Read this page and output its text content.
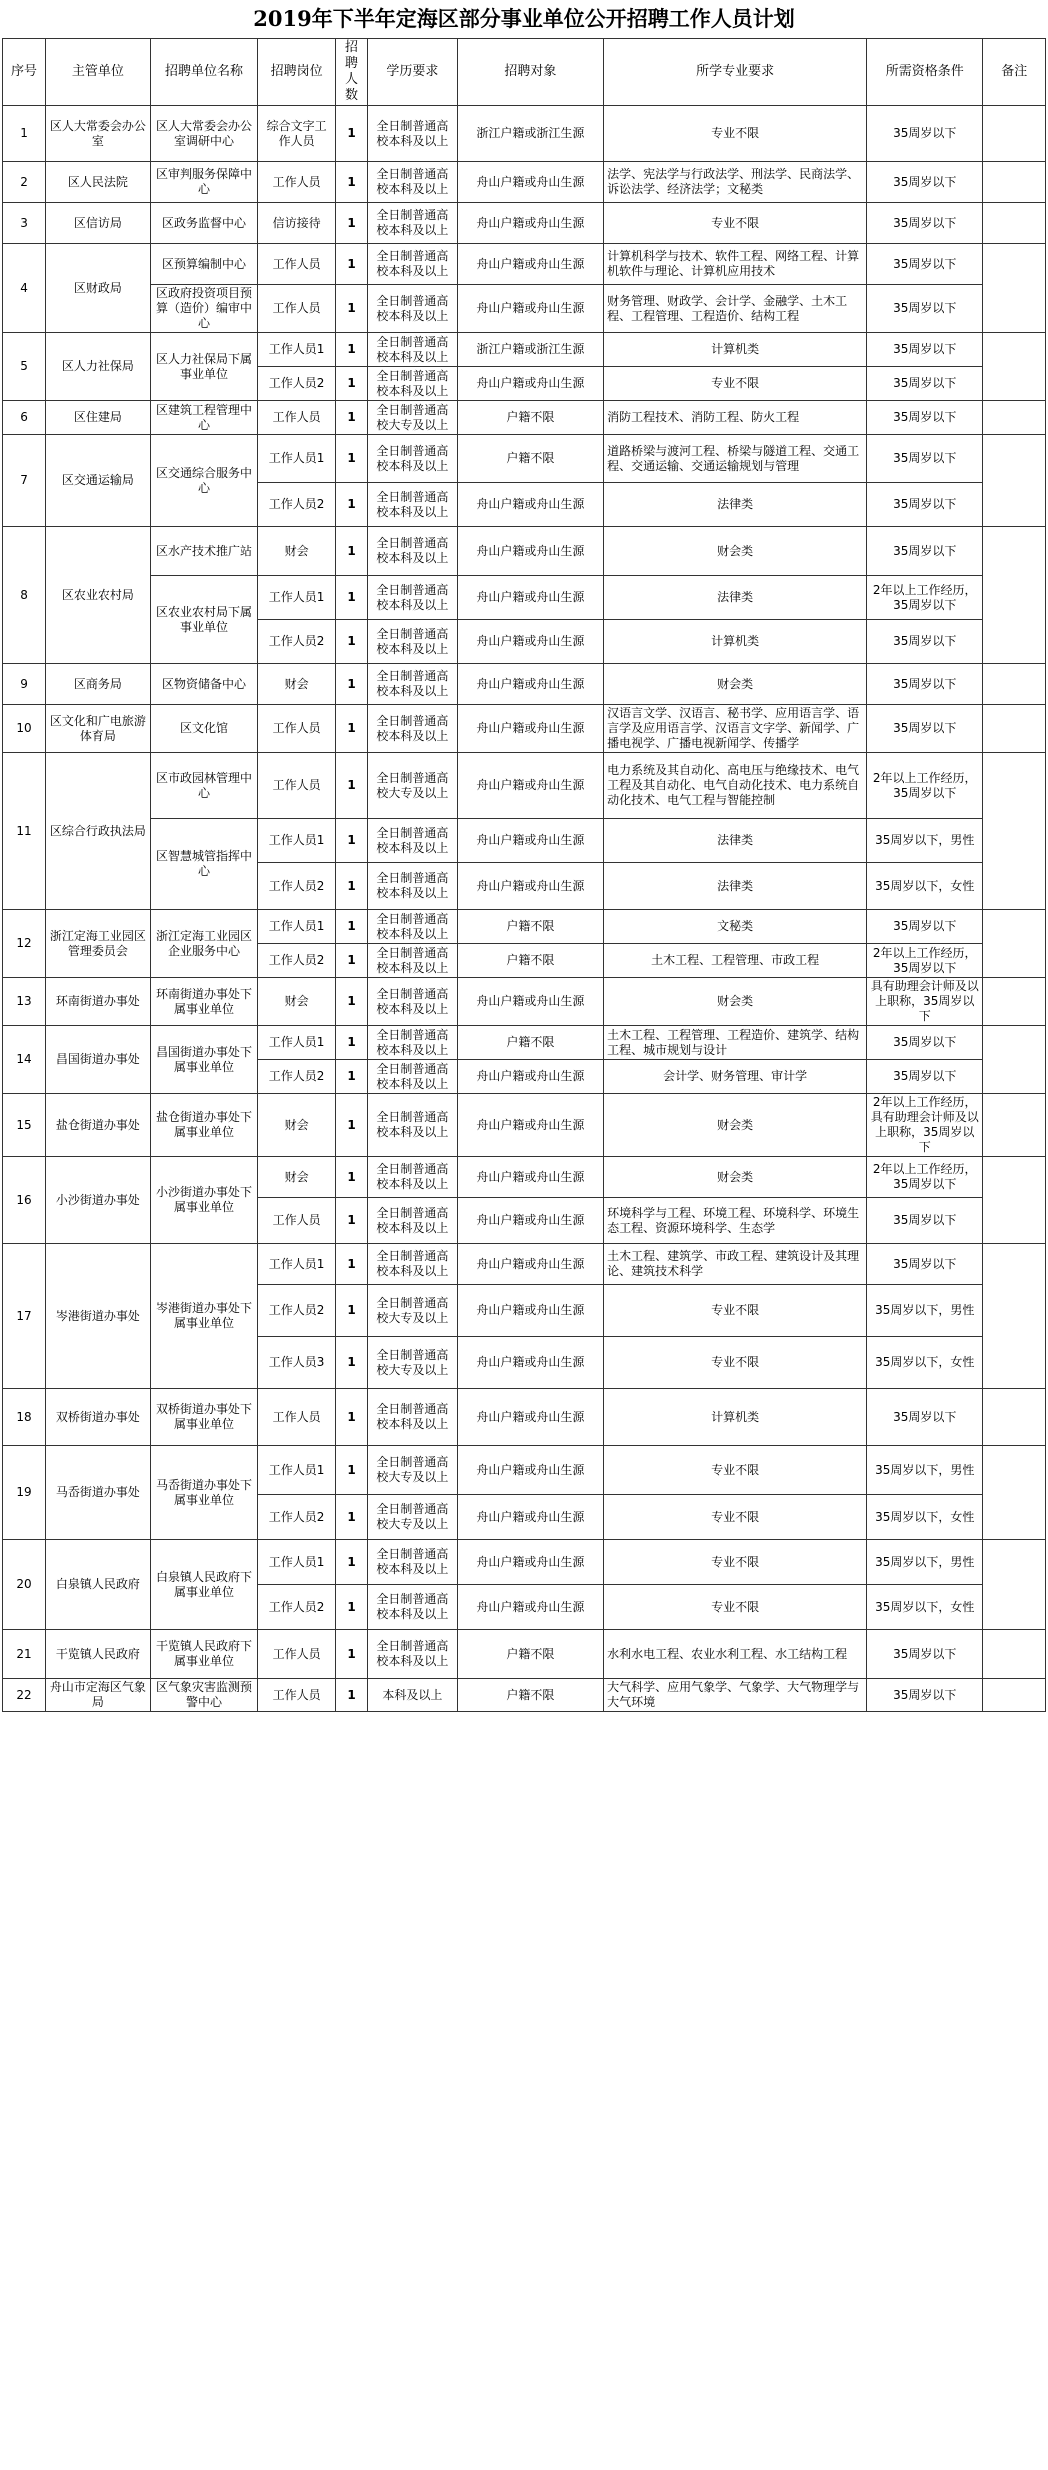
2019年下半年定海区部分事业单位公开招聘工作人员计划
序号	主管单位	招聘单位名称	招聘岗位	招聘人数	学历要求	招聘对象	所学专业要求	所需资格条件	备注
1	区人大常委会办公室	区人大常委会办公室调研中心	综合文字工作人员	1	全日制普通高校本科及以上	浙江户籍或浙江生源	专业不限	35周岁以下	
2	区人民法院	区审判服务保障中心	工作人员	1	全日制普通高校本科及以上	舟山户籍或舟山生源	法学、宪法学与行政法学、刑法学、民商法学、诉讼法学、经济法学；文秘类	35周岁以下	
3	区信访局	区政务监督中心	信访接待	1	全日制普通高校本科及以上	舟山户籍或舟山生源	专业不限	35周岁以下	
4	区财政局	区预算编制中心	工作人员	1	全日制普通高校本科及以上	舟山户籍或舟山生源	计算机科学与技术、软件工程、网络工程、计算机软件与理论、计算机应用技术	35周岁以下	
		区政府投资项目预算（造价）编审中心	工作人员	1	全日制普通高校本科及以上	舟山户籍或舟山生源	财务管理、财政学、会计学、金融学、土木工程、工程管理、工程造价、结构工程	35周岁以下	
5	区人力社保局	区人力社保局下属事业单位	工作人员1	1	全日制普通高校本科及以上	浙江户籍或浙江生源	计算机类	35周岁以下	
			工作人员2	1	全日制普通高校本科及以上	舟山户籍或舟山生源	专业不限	35周岁以下	
6	区住建局	区建筑工程管理中心	工作人员	1	全日制普通高校大专及以上	户籍不限	消防工程技术、消防工程、防火工程	35周岁以下	
7	区交通运输局	区交通综合服务中心	工作人员1	1	全日制普通高校本科及以上	户籍不限	道路桥梁与渡河工程、桥梁与隧道工程、交通工程、交通运输、交通运输规划与管理	35周岁以下	
			工作人员2	1	全日制普通高校本科及以上	舟山户籍或舟山生源	法律类	35周岁以下	
8	区农业农村局	区水产技术推广站	财会	1	全日制普通高校本科及以上	舟山户籍或舟山生源	财会类	35周岁以下	
		区农业农村局下属事业单位	工作人员1	1	全日制普通高校本科及以上	舟山户籍或舟山生源	法律类	2年以上工作经历，35周岁以下	
			工作人员2	1	全日制普通高校本科及以上	舟山户籍或舟山生源	计算机类	35周岁以下	
9	区商务局	区物资储备中心	财会	1	全日制普通高校本科及以上	舟山户籍或舟山生源	财会类	35周岁以下	
10	区文化和广电旅游体育局	区文化馆	工作人员	1	全日制普通高校本科及以上	舟山户籍或舟山生源	汉语言文学、汉语言、秘书学、应用语言学、语言学及应用语言学、汉语言文字学、新闻学、广播电视学、广播电视新闻学、传播学	35周岁以下	
11	区综合行政执法局	区市政园林管理中心	工作人员	1	全日制普通高校大专及以上	舟山户籍或舟山生源	电力系统及其自动化、高电压与绝缘技术、电气工程及其自动化、电气自动化技术、电力系统自动化技术、电气工程与智能控制	2年以上工作经历，35周岁以下	
		区智慧城管指挥中心	工作人员1	1	全日制普通高校本科及以上	舟山户籍或舟山生源	法律类	35周岁以下，男性	
			工作人员2	1	全日制普通高校本科及以上	舟山户籍或舟山生源	法律类	35周岁以下，女性	
12	浙江定海工业园区管理委员会	浙江定海工业园区企业服务中心	工作人员1	1	全日制普通高校本科及以上	户籍不限	文秘类	35周岁以下	
			工作人员2	1	全日制普通高校本科及以上	户籍不限	土木工程、工程管理、市政工程	2年以上工作经历，35周岁以下	
13	环南街道办事处	环南街道办事处下属事业单位	财会	1	全日制普通高校本科及以上	舟山户籍或舟山生源	财会类	具有助理会计师及以上职称，35周岁以下	
14	昌国街道办事处	昌国街道办事处下属事业单位	工作人员1	1	全日制普通高校本科及以上	户籍不限	土木工程、工程管理、工程造价、建筑学、结构工程、城市规划与设计	35周岁以下	
			工作人员2	1	全日制普通高校本科及以上	舟山户籍或舟山生源	会计学、财务管理、审计学	35周岁以下	
15	盐仓街道办事处	盐仓街道办事处下属事业单位	财会	1	全日制普通高校本科及以上	舟山户籍或舟山生源	财会类	2年以上工作经历，具有助理会计师及以上职称，35周岁以下	
16	小沙街道办事处	小沙街道办事处下属事业单位	财会	1	全日制普通高校本科及以上	舟山户籍或舟山生源	财会类	2年以上工作经历，35周岁以下	
			工作人员	1	全日制普通高校本科及以上	舟山户籍或舟山生源	环境科学与工程、环境工程、环境科学、环境生态工程、资源环境科学、生态学	35周岁以下	
17	岑港街道办事处	岑港街道办事处下属事业单位	工作人员1	1	全日制普通高校本科及以上	舟山户籍或舟山生源	土木工程、建筑学、市政工程、建筑设计及其理论、建筑技术科学	35周岁以下	
			工作人员2	1	全日制普通高校大专及以上	舟山户籍或舟山生源	专业不限	35周岁以下，男性	
			工作人员3	1	全日制普通高校大专及以上	舟山户籍或舟山生源	专业不限	35周岁以下，女性	
18	双桥街道办事处	双桥街道办事处下属事业单位	工作人员	1	全日制普通高校本科及以上	舟山户籍或舟山生源	计算机类	35周岁以下	
19	马岙街道办事处	马岙街道办事处下属事业单位	工作人员1	1	全日制普通高校大专及以上	舟山户籍或舟山生源	专业不限	35周岁以下，男性	
			工作人员2	1	全日制普通高校大专及以上	舟山户籍或舟山生源	专业不限	35周岁以下，女性	
20	白泉镇人民政府	白泉镇人民政府下属事业单位	工作人员1	1	全日制普通高校本科及以上	舟山户籍或舟山生源	专业不限	35周岁以下，男性	
			工作人员2	1	全日制普通高校本科及以上	舟山户籍或舟山生源	专业不限	35周岁以下，女性	
21	干览镇人民政府	干览镇人民政府下属事业单位	工作人员	1	全日制普通高校本科及以上	户籍不限	水利水电工程、农业水利工程、水工结构工程	35周岁以下	
22	舟山市定海区气象局	区气象灾害监测预警中心	工作人员	1	本科及以上	户籍不限	大气科学、应用气象学、气象学、大气物理学与大气环境	35周岁以下	
